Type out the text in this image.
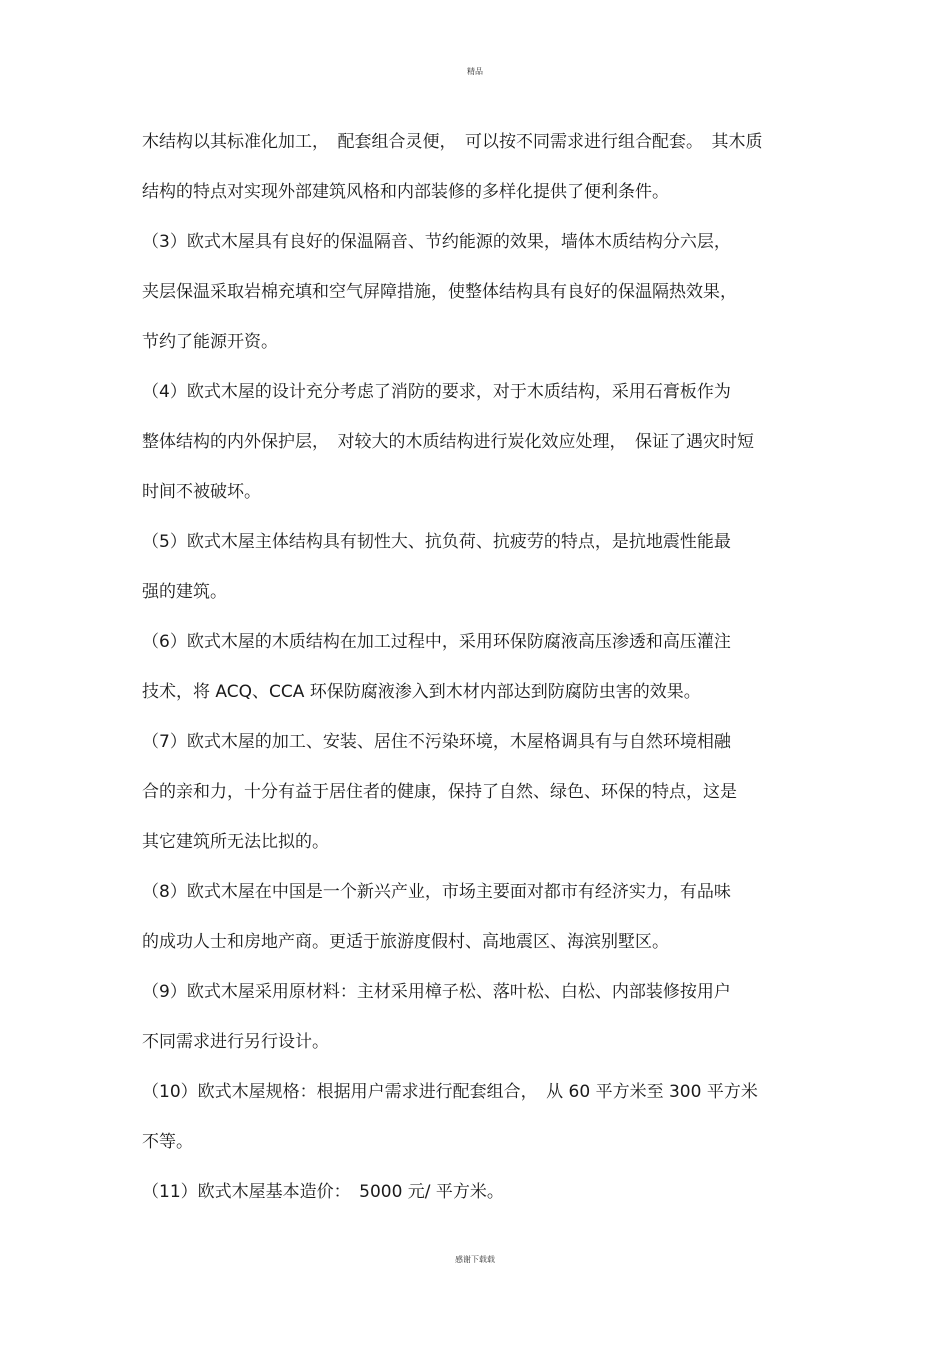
精品
木结构以其标准化加工，　配套组合灵便，　可以按不同需求进行组合配套。　其木质
结构的特点对实现外部建筑风格和内部装修的多样化提供了便利条件。
（3）欧式木屋具有良好的保温隔音、节约能源的效果，墙体木质结构分六层，
夹层保温采取岩棉充填和空气屏障措施，使整体结构具有良好的保温隔热效果，
节约了能源开资。
（4）欧式木屋的设计充分考虑了消防的要求，对于木质结构，采用石膏板作为
整体结构的内外保护层，　对较大的木质结构进行炭化效应处理，　保证了遇灾时短
时间不被破坏。
（5）欧式木屋主体结构具有韧性大、抗负荷、抗疲劳的特点，是抗地震性能最
强的建筑。
（6）欧式木屋的木质结构在加工过程中，采用环保防腐液高压渗透和高压灌注
技术，将 ACQ、CCA 环保防腐液渗入到木材内部达到防腐防虫害的效果。
（7）欧式木屋的加工、安装、居住不污染环境，木屋格调具有与自然环境相融
合的亲和力，十分有益于居住者的健康，保持了自然、绿色、环保的特点，这是
其它建筑所无法比拟的。
（8）欧式木屋在中国是一个新兴产业，市场主要面对都市有经济实力，有品味
的成功人士和房地产商。更适于旅游度假村、高地震区、海滨别墅区。
（9）欧式木屋采用原材料：主材采用樟子松、落叶松、白松、内部装修按用户
不同需求进行另行设计。
（10）欧式木屋规格：根据用户需求进行配套组合，　从 60 平方米至 300 平方米
不等。
（11）欧式木屋基本造价：　5000 元/ 平方米。
感谢下载载
